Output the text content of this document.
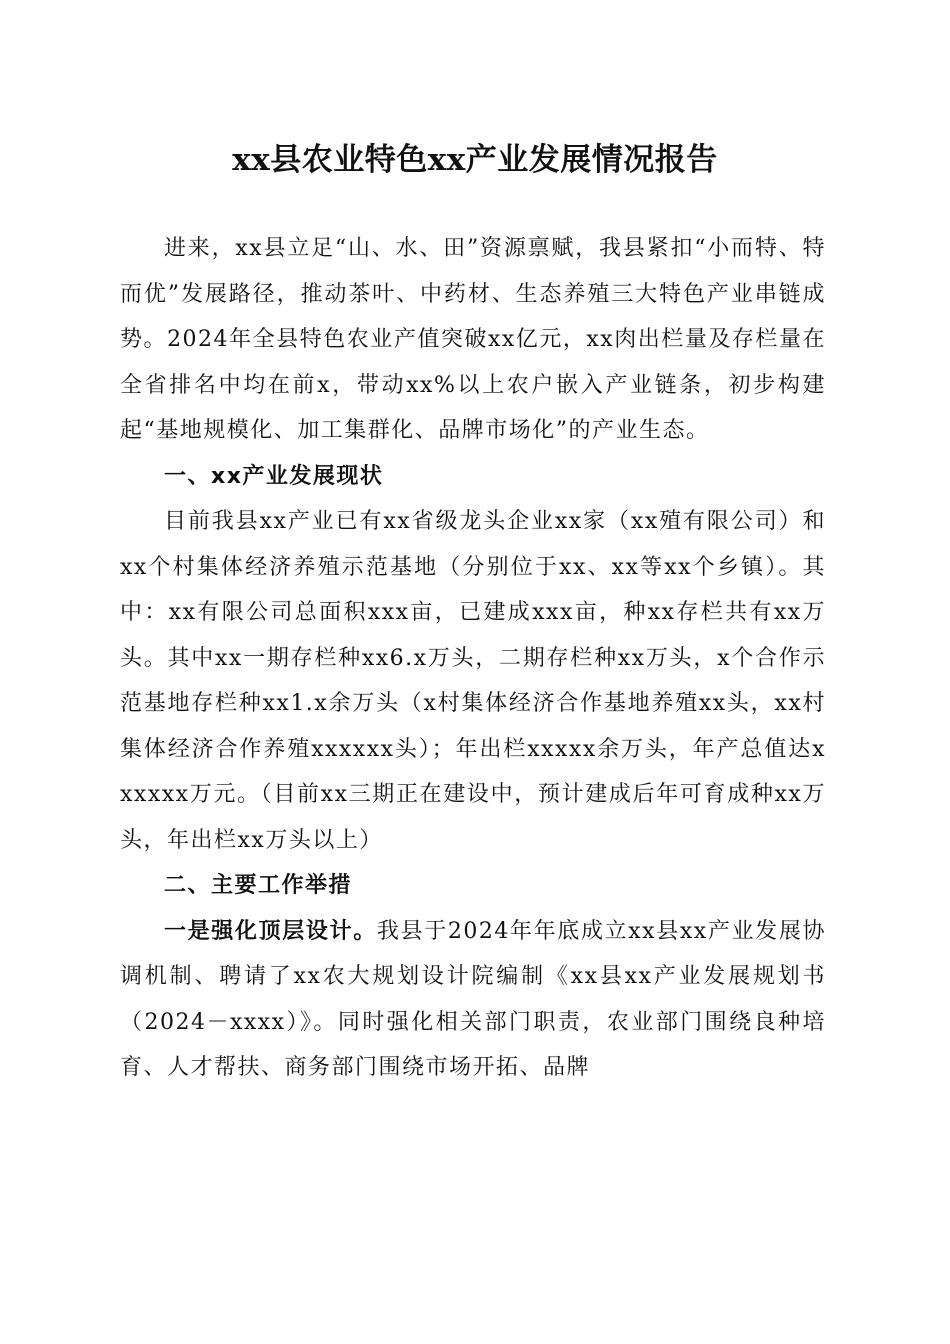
xx县农业特色xx产业发展情况报告

进来，xx县立足“山、水、田”资源禀赋，我县紧扣“小而特、特而优”发展路径，推动茶叶、中药材、生态养殖三大特色产业串链成势。2024年全县特色农业产值突破xx亿元，xx肉出栏量及存栏量在全省排名中均在前x，带动xx%以上农户嵌入产业链条，初步构建起“基地规模化、加工集群化、品牌市场化”的产业生态。

一、xx产业发展现状

目前我县xx产业已有xx省级龙头企业xx家（xx殖有限公司）和xx个村集体经济养殖示范基地（分别位于xx、xx等xx个乡镇）。其中：xx有限公司总面积xxx亩，已建成xxx亩，种xx存栏共有xx万头。其中xx一期存栏种xx6.x万头，二期存栏种xx万头，x个合作示范基地存栏种xx1.x余万头（x村集体经济合作基地养殖xx头，xx村集体经济合作养殖xxxxxx头）；年出栏xxxxx余万头，年产总值达xxxxxx万元。（目前xx三期正在建设中，预计建成后年可育成种xx万头，年出栏xx万头以上）

二、主要工作举措

一是强化顶层设计。我县于2024年年底成立xx县xx产业发展协调机制、聘请了xx农大规划设计院编制《xx县xx产业发展规划书（2024－xxxx）》。同时强化相关部门职责，农业部门围绕良种培育、人才帮扶、商务部门围绕市场开拓、品牌
